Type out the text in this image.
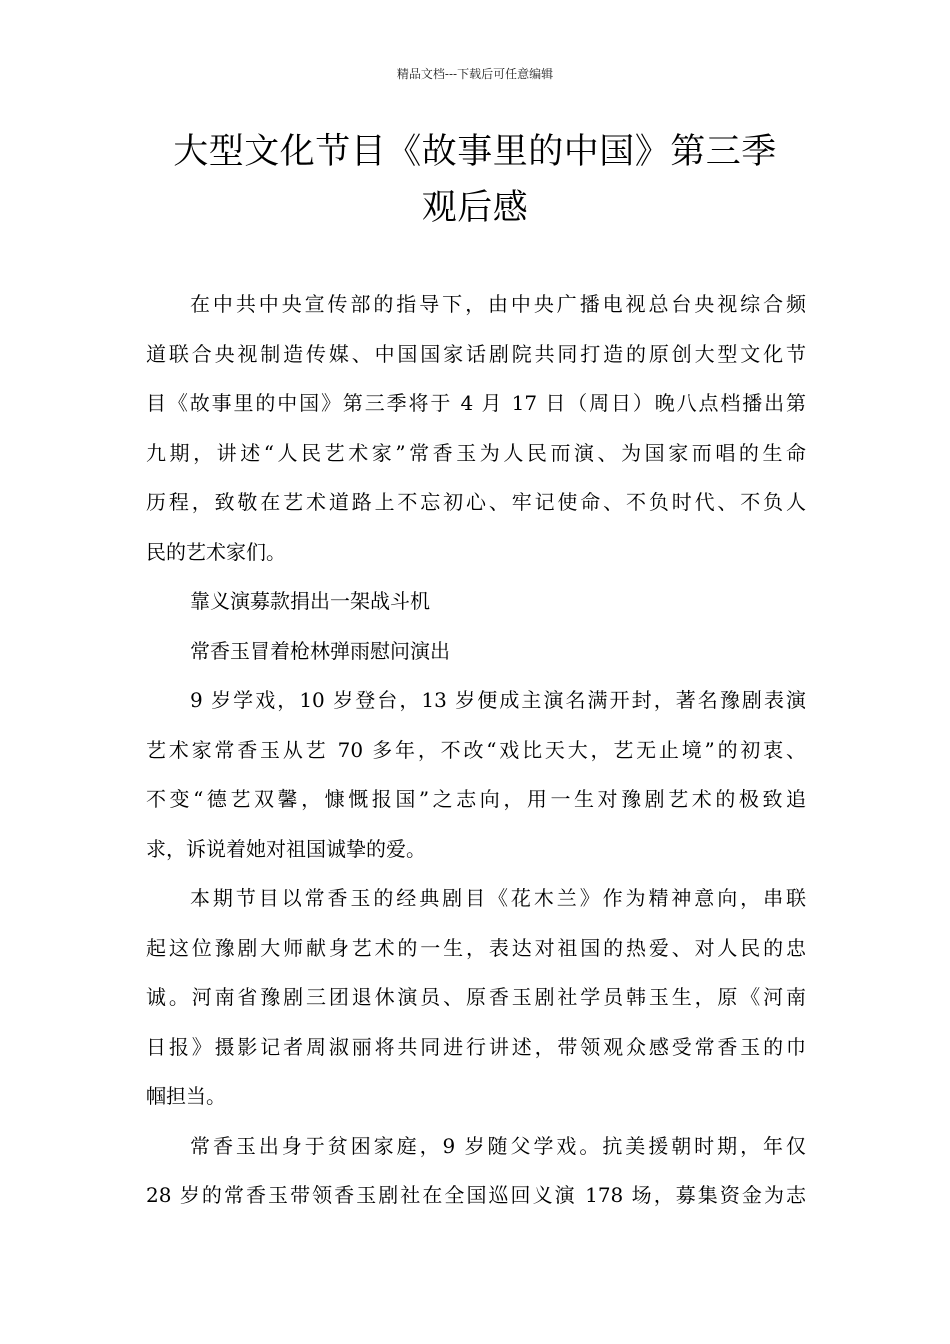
精品文档---下载后可任意编辑
大型文化节目《故事里的中国》第三季
观后感
在中共中央宣传部的指导下，由中央广播电视总台央视综合频
道联合央视制造传媒、中国国家话剧院共同打造的原创大型文化节
目《故事里的中国》第三季将于 4 月 17 日（周日）晚八点档播出第
九期，讲述“人民艺术家”常香玉为人民而演、为国家而唱的生命
历程，致敬在艺术道路上不忘初心、牢记使命、不负时代、不负人
民的艺术家们。
靠义演募款捐出一架战斗机
常香玉冒着枪林弹雨慰问演出
9 岁学戏，10 岁登台，13 岁便成主演名满开封，著名豫剧表演
艺术家常香玉从艺 70 多年，不改“戏比天大，艺无止境”的初衷、
不变“德艺双馨，慷慨报国”之志向，用一生对豫剧艺术的极致追
求，诉说着她对祖国诚挚的爱。
本期节目以常香玉的经典剧目《花木兰》作为精神意向，串联
起这位豫剧大师献身艺术的一生，表达对祖国的热爱、对人民的忠
诚。河南省豫剧三团退休演员、原香玉剧社学员韩玉生，原《河南
日报》摄影记者周淑丽将共同进行讲述，带领观众感受常香玉的巾
帼担当。
常香玉出身于贫困家庭，9 岁随父学戏。抗美援朝时期，年仅
28 岁的常香玉带领香玉剧社在全国巡回义演 178 场，募集资金为志
